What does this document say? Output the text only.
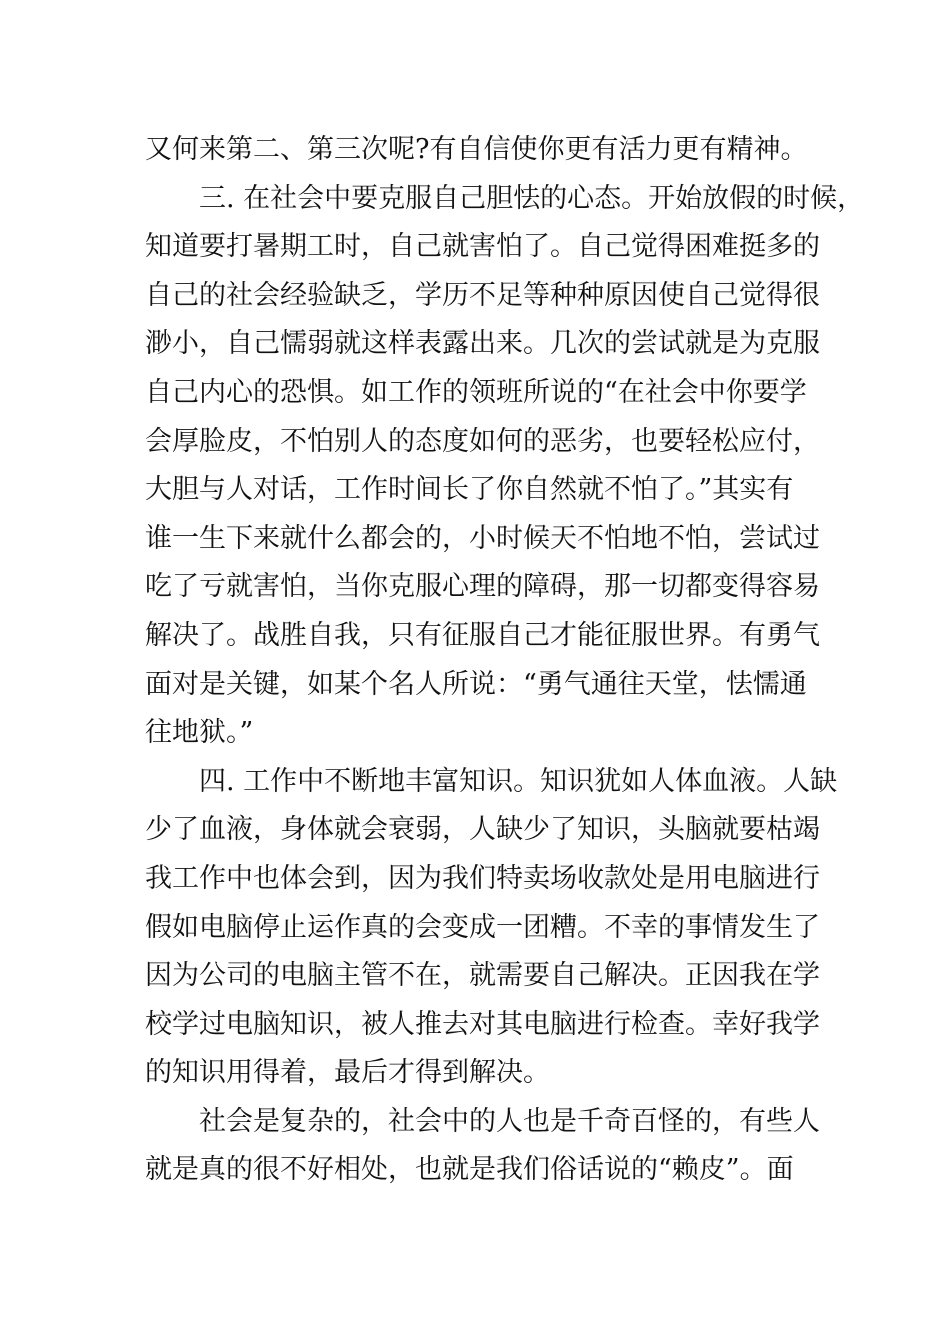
又何来第二、第三次呢?有自信使你更有活力更有精神。
三. 在社会中要克服自己胆怯的心态。开始放假的时候，
知道要打暑期工时，自己就害怕了。自己觉得困难挺多的
自己的社会经验缺乏，学历不足等种种原因使自己觉得很
渺小，自己懦弱就这样表露出来。几次的尝试就是为克服
自己内心的恐惧。如工作的领班所说的“在社会中你要学
会厚脸皮，不怕别人的态度如何的恶劣，也要轻松应付，
大胆与人对话，工作时间长了你自然就不怕了。”其实有
谁一生下来就什么都会的，小时候天不怕地不怕，尝试过
吃了亏就害怕，当你克服心理的障碍，那一切都变得容易
解决了。战胜自我，只有征服自己才能征服世界。有勇气
面对是关键，如某个名人所说：“勇气通往天堂，怯懦通
往地狱。”
四. 工作中不断地丰富知识。知识犹如人体血液。人缺
少了血液，身体就会衰弱，人缺少了知识，头脑就要枯竭
我工作中也体会到，因为我们特卖场收款处是用电脑进行
假如电脑停止运作真的会变成一团糟。不幸的事情发生了
因为公司的电脑主管不在，就需要自己解决。正因我在学
校学过电脑知识，被人推去对其电脑进行检查。幸好我学
的知识用得着，最后才得到解决。
社会是复杂的，社会中的人也是千奇百怪的，有些人
就是真的很不好相处，也就是我们俗话说的“赖皮”。面
